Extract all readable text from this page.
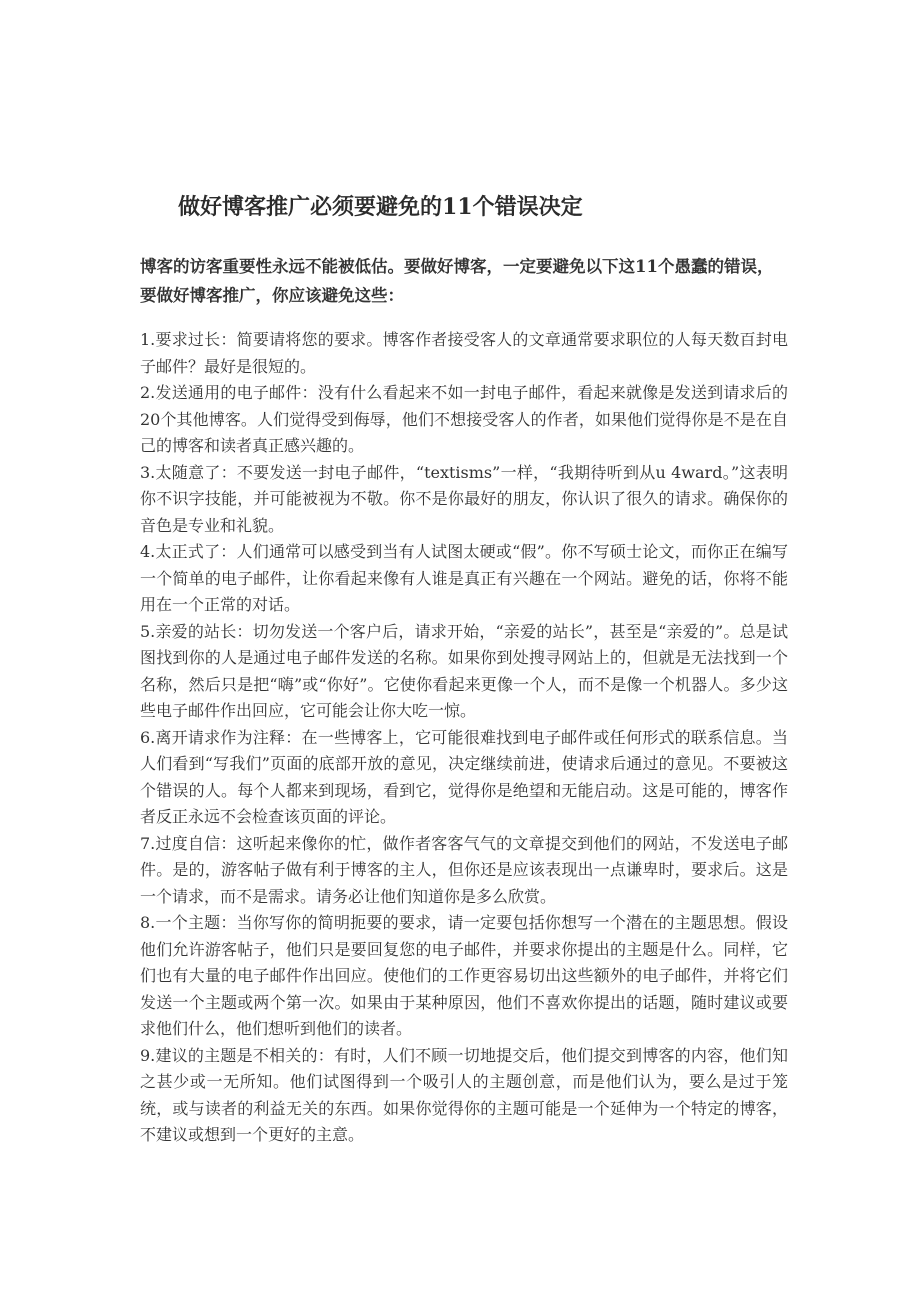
做好博客推广必须要避免的11个错误决定

博客的访客重要性永远不能被低估。要做好博客，一定要避免以下这11个愚蠢的错误，要做好博客推广，你应该避免这些：

1.要求过长：简要请将您的要求。博客作者接受客人的文章通常要求职位的人每天数百封电子邮件？最好是很短的。

2.发送通用的电子邮件：没有什么看起来不如一封电子邮件，看起来就像是发送到请求后的20个其他博客。人们觉得受到侮辱，他们不想接受客人的作者，如果他们觉得你是不是在自己的博客和读者真正感兴趣的。

3.太随意了：不要发送一封电子邮件，“textisms”一样，“我期待听到从u 4ward。”这表明你不识字技能，并可能被视为不敬。你不是你最好的朋友，你认识了很久的请求。确保你的音色是专业和礼貌。

4.太正式了：人们通常可以感受到当有人试图太硬或“假”。你不写硕士论文，而你正在编写一个简单的电子邮件，让你看起来像有人谁是真正有兴趣在一个网站。避免的话，你将不能用在一个正常的对话。

5.亲爱的站长：切勿发送一个客户后，请求开始，“亲爱的站长”，甚至是“亲爱的”。总是试图找到你的人是通过电子邮件发送的名称。如果你到处搜寻网站上的，但就是无法找到一个名称，然后只是把“嗨”或“你好”。它使你看起来更像一个人，而不是像一个机器人。多少这些电子邮件作出回应，它可能会让你大吃一惊。

6.离开请求作为注释：在一些博客上，它可能很难找到电子邮件或任何形式的联系信息。当人们看到“写我们”页面的底部开放的意见，决定继续前进，使请求后通过的意见。不要被这个错误的人。每个人都来到现场，看到它，觉得你是绝望和无能启动。这是可能的，博客作者反正永远不会检查该页面的评论。

7.过度自信：这听起来像你的忙，做作者客客气气的文章提交到他们的网站，不发送电子邮件。是的，游客帖子做有利于博客的主人，但你还是应该表现出一点谦卑时，要求后。这是一个请求，而不是需求。请务必让他们知道你是多么欣赏。

8.一个主题：当你写你的简明扼要的要求，请一定要包括你想写一个潜在的主题思想。假设他们允许游客帖子，他们只是要回复您的电子邮件，并要求你提出的主题是什么。同样，它们也有大量的电子邮件作出回应。使他们的工作更容易切出这些额外的电子邮件，并将它们发送一个主题或两个第一次。如果由于某种原因，他们不喜欢你提出的话题，随时建议或要求他们什么，他们想听到他们的读者。

9.建议的主题是不相关的：有时，人们不顾一切地提交后，他们提交到博客的内容，他们知之甚少或一无所知。他们试图得到一个吸引人的主题创意，而是他们认为，要么是过于笼统，或与读者的利益无关的东西。如果你觉得你的主题可能是一个延伸为一个特定的博客，不建议或想到一个更好的主意。
